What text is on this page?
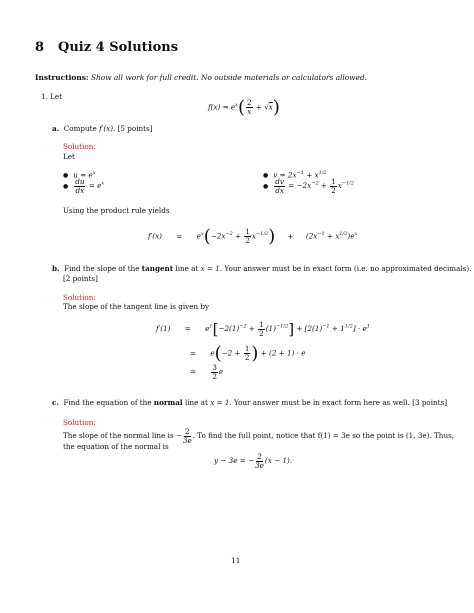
8 Quiz 4 Solutions
Instructions: Show all work for full credit. No outside materials or calculators allowed.
1. Let
$f(x) = e^x( \frac{2}{x} + √x)$
a. Compute f′(x). [5 points]
Solution:
Let
● $u = e^x$
● $\frac{du}{dx} = e^x$
● $v = 2x^{-1} + x^{1/2}$
● $\frac{dv}{dx} = -2x^{-2} + \frac{1}{2} x^{-1/2}$
Using the product rule yields
$f'(x) = e^x(-2x^{-2} + \frac{1}{2} x^{-1/2}) + (2x^{-1} + x^{1/2})e^x$
b. Find the slope of the tangent line at x = 1. Your answer must be in exact form (i.e. no approximated decimals).
[2 points]
Solution:
The slope of the tangent line is given by
$f'(1) = e^1[-2(1)^{-2} + \frac{1}{2} (1)^{-1/2}] + [2(1)^{-1} + 1^{1/2}] \cdot e^1$
= $e(-2 + \frac{1}{2}$ ) + (2 + 1) · e
= $\frac{3}{2}$ e
c. Find the equation of the normal line at x = 1. Your answer must be in exact form here as well. [3 points]
Solution:
The slope of the normal line is − $\frac{2}{3e}$ . To find the full point, notice that f(1) = 3e so the point is (1, 3e). Thus,
the equation of the normal is
y − 3e = − $\frac{2}{3e} (x - 1)$.
11
